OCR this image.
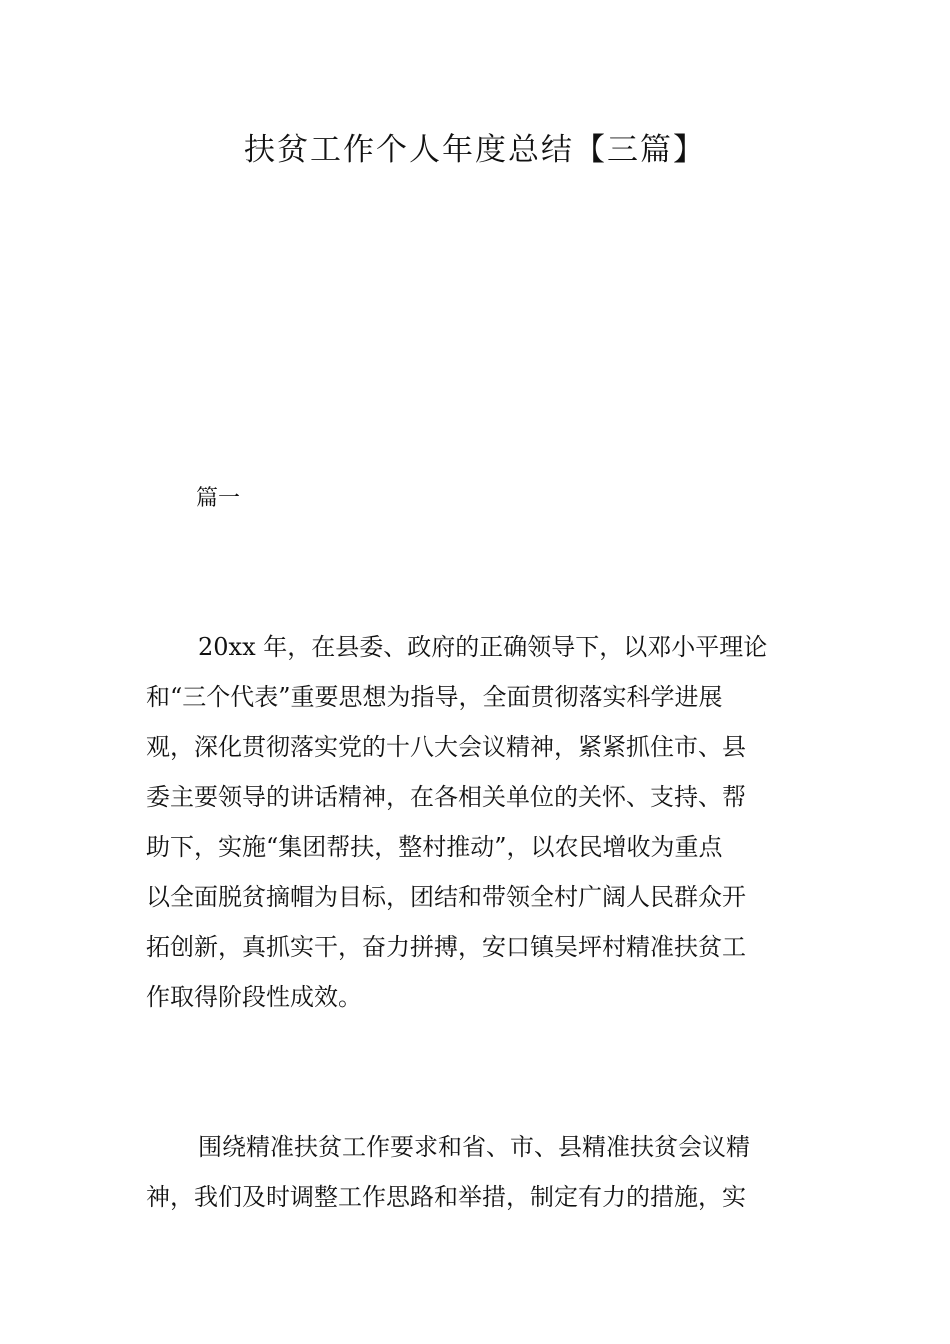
扶贫工作个人年度总结【三篇】

篇一

20xx 年，在县委、政府的正确领导下，以邓小平理论
和“三个代表”重要思想为指导，全面贯彻落实科学进展
观，深化贯彻落实党的十八大会议精神，紧紧抓住市、县
委主要领导的讲话精神，在各相关单位的关怀、支持、帮
助下，实施“集团帮扶，整村推动”，以农民增收为重点
以全面脱贫摘帽为目标，团结和带领全村广阔人民群众开
拓创新，真抓实干，奋力拼搏，安口镇吴坪村精准扶贫工
作取得阶段性成效。
围绕精准扶贫工作要求和省、市、县精准扶贫会议精
神，我们及时调整工作思路和举措，制定有力的措施，实
